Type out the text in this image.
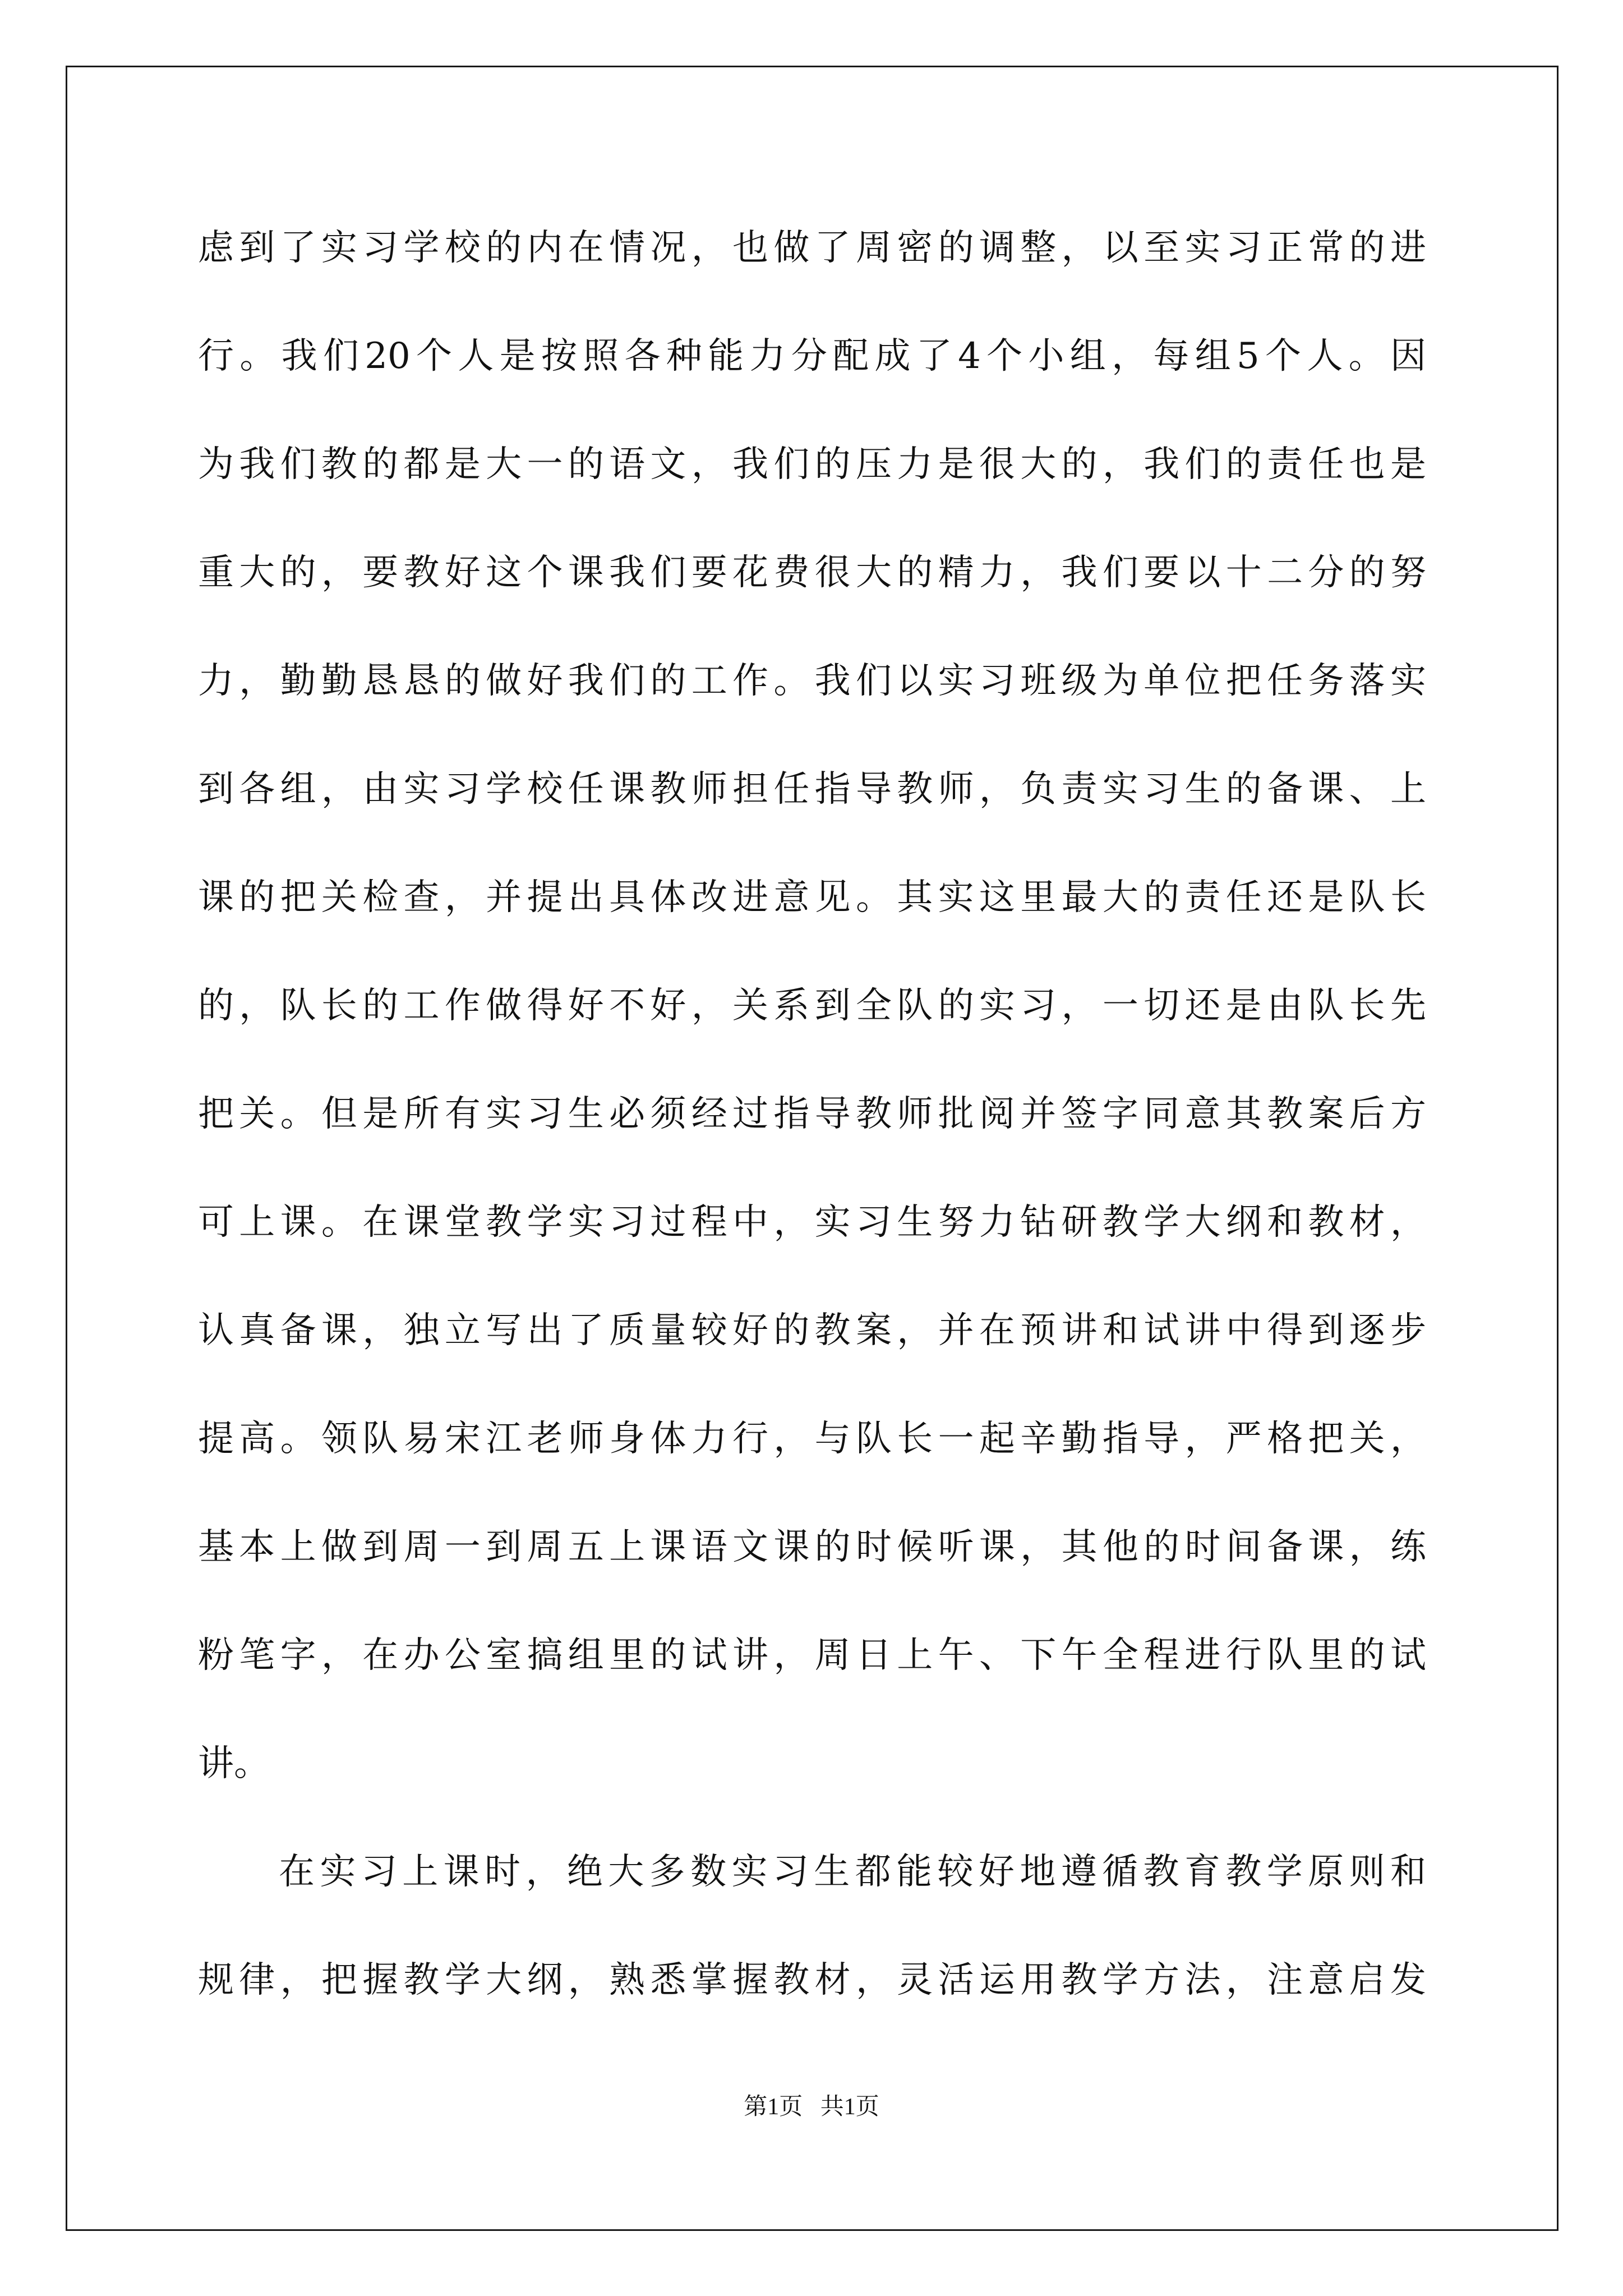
虑到了实习学校的内在情况，也做了周密的调整，以至实习正常的进
行。我们20个人是按照各种能力分配成了4个小组，每组5个人。因
为我们教的都是大一的语文，我们的压力是很大的，我们的责任也是
重大的，要教好这个课我们要花费很大的精力，我们要以十二分的努
力，勤勤恳恳的做好我们的工作。我们以实习班级为单位把任务落实
到各组，由实习学校任课教师担任指导教师，负责实习生的备课、上
课的把关检查，并提出具体改进意见。其实这里最大的责任还是队长
的，队长的工作做得好不好，关系到全队的实习，一切还是由队长先
把关。但是所有实习生必须经过指导教师批阅并签字同意其教案后方
可上课。在课堂教学实习过程中，实习生努力钻研教学大纲和教材，
认真备课，独立写出了质量较好的教案，并在预讲和试讲中得到逐步
提高。领队易宋江老师身体力行，与队长一起辛勤指导，严格把关，
基本上做到周一到周五上课语文课的时候听课，其他的时间备课，练
粉笔字，在办公室搞组里的试讲，周日上午、下午全程进行队里的试
讲。
在实习上课时，绝大多数实习生都能较好地遵循教育教学原则和
规律，把握教学大纲，熟悉掌握教材，灵活运用教学方法，注意启发
第1页   共1页
